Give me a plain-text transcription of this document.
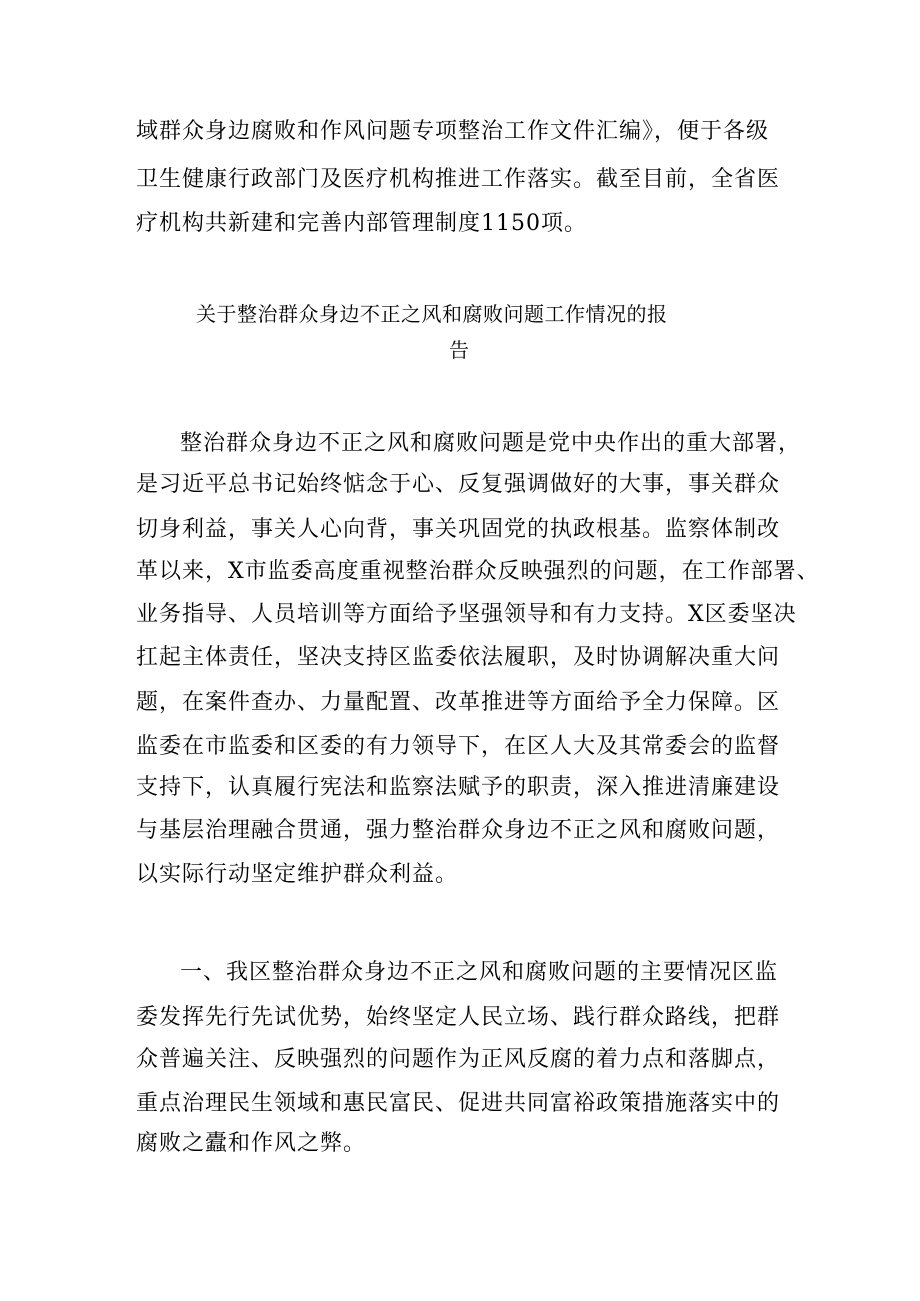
域群众身边腐败和作风问题专项整治工作文件汇编》，便于各级
卫生健康行政部门及医疗机构推进工作落实。截至目前，全省医
疗机构共新建和完善内部管理制度1150项。
关于整治群众身边不正之风和腐败问题工作情况的报
告
整治群众身边不正之风和腐败问题是党中央作出的重大部署，
是习近平总书记始终惦念于心、反复强调做好的大事，事关群众
切身利益，事关人心向背，事关巩固党的执政根基。监察体制改
革以来，X市监委高度重视整治群众反映强烈的问题，在工作部署、
业务指导、人员培训等方面给予坚强领导和有力支持。X区委坚决
扛起主体责任，坚决支持区监委依法履职，及时协调解决重大问
题，在案件查办、力量配置、改革推进等方面给予全力保障。区
监委在市监委和区委的有力领导下，在区人大及其常委会的监督
支持下，认真履行宪法和监察法赋予的职责，深入推进清廉建设
与基层治理融合贯通，强力整治群众身边不正之风和腐败问题，
以实际行动坚定维护群众利益。
一、我区整治群众身边不正之风和腐败问题的主要情况区监
委发挥先行先试优势，始终坚定人民立场、践行群众路线，把群
众普遍关注、反映强烈的问题作为正风反腐的着力点和落脚点，
重点治理民生领域和惠民富民、促进共同富裕政策措施落实中的
腐败之蠹和作风之弊。
